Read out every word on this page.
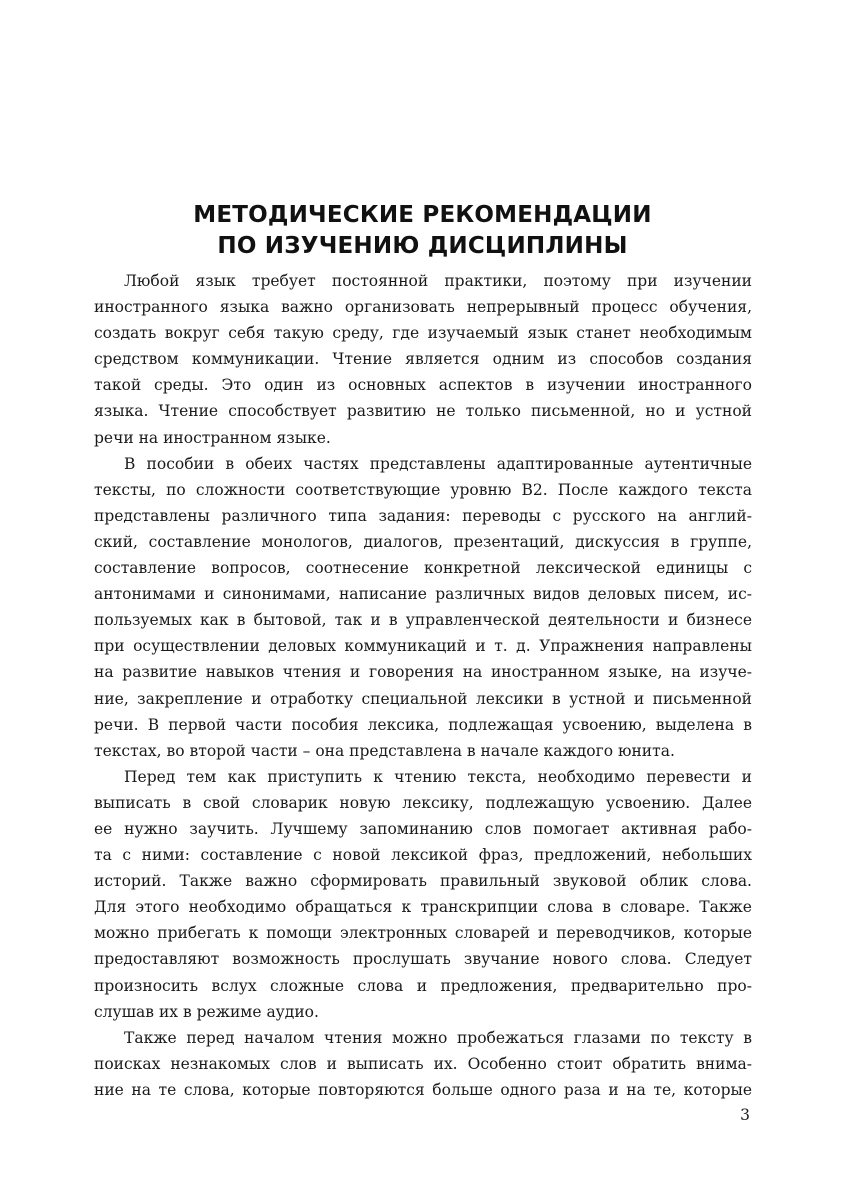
МЕТОДИЧЕСКИЕ РЕКОМЕНДАЦИИ
ПО ИЗУЧЕНИЮ ДИСЦИПЛИНЫ
Любой язык требует постоянной практики, поэтому при изучении
иностранного языка важно организовать непрерывный процесс обучения,
создать вокруг себя такую среду, где изучаемый язык станет необходимым
средством коммуникации. Чтение является одним из способов создания
такой среды. Это один из основных аспектов в изучении иностранного
языка. Чтение способствует развитию не только письменной, но и устной
речи на иностранном языке.
В пособии в обеих частях представлены адаптированные аутентичные
тексты, по сложности соответствующие уровню B2. После каждого текста
представлены различного типа задания: переводы с русского на англий-
ский, составление монологов, диалогов, презентаций, дискуссия в группе,
составление вопросов, соотнесение конкретной лексической единицы с
антонимами и синонимами, написание различных видов деловых писем, ис-
пользуемых как в бытовой, так и в управленческой деятельности и бизнесе
при осуществлении деловых коммуникаций и т. д. Упражнения направлены
на развитие навыков чтения и говорения на иностранном языке, на изуче-
ние, закрепление и отработку специальной лексики в устной и письменной
речи. В первой части пособия лексика, подлежащая усвоению, выделена в
текстах, во второй части – она представлена в начале каждого юнита.
Перед тем как приступить к чтению текста, необходимо перевести и
выписать в свой словарик новую лексику, подлежащую усвоению. Далее
ее нужно заучить. Лучшему запоминанию слов помогает активная рабо-
та с ними: составление с новой лексикой фраз, предложений, небольших
историй. Также важно сформировать правильный звуковой облик слова.
Для этого необходимо обращаться к транскрипции слова в словаре. Также
можно прибегать к помощи электронных словарей и переводчиков, которые
предоставляют возможность прослушать звучание нового слова. Следует
произносить вслух сложные слова и предложения, предварительно про-
слушав их в режиме аудио.
Также перед началом чтения можно пробежаться глазами по тексту в
поисках незнакомых слов и выписать их. Особенно стоит обратить внима-
ние на те слова, которые повторяются больше одного раза и на те, которые
3
